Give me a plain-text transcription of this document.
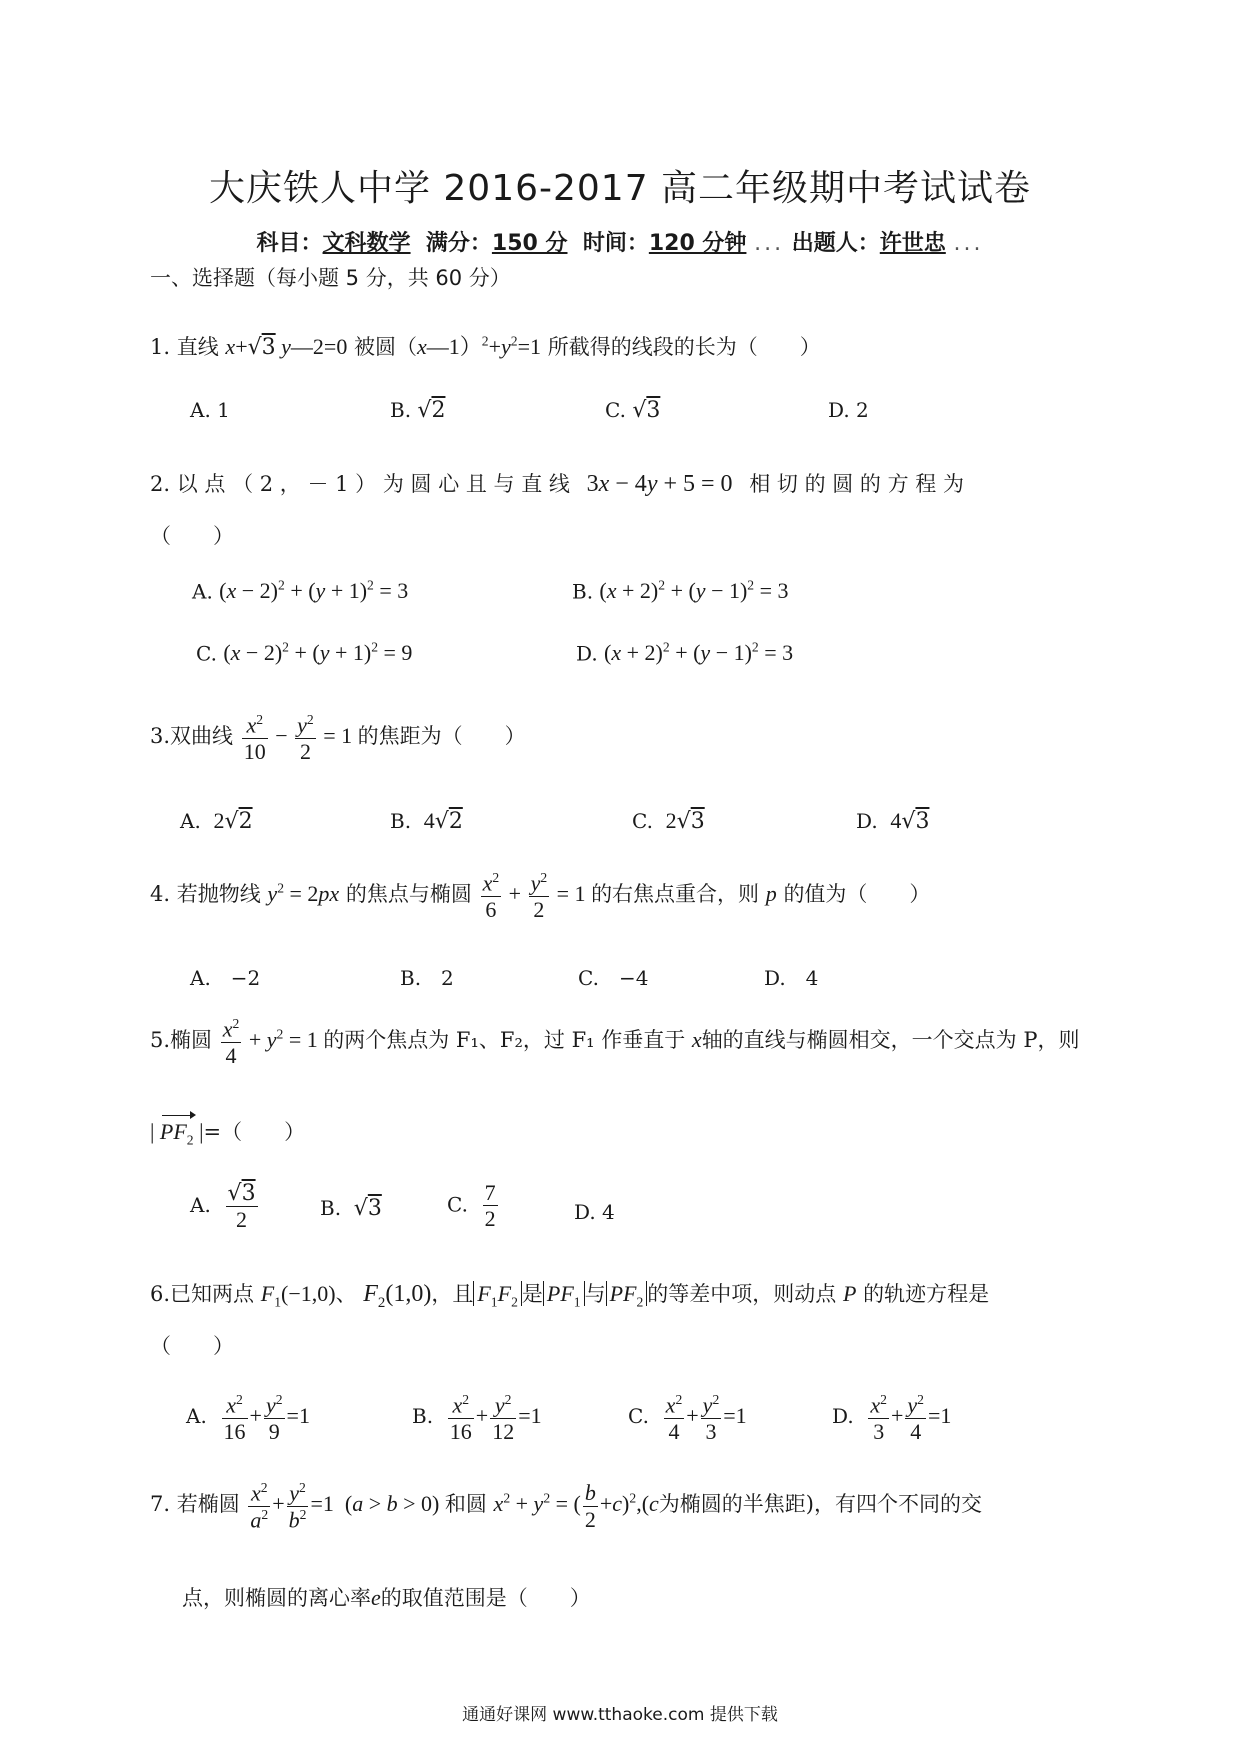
大庆铁人中学 2016-2017 高二年级期中考试试卷
科目：文科数学 满分：150 分 时间：120 分钟 ... 出题人：许世忠 ...
一、选择题（每小题 5 分，共 60 分）
1. 直线 x+√3 y—2=0 被圆$(x—1)^2+y^2=1$ 所截得的线段的长为（　　）
A. 1	B. √2	C. √3	D. 2
2. 以 点 （ 2 ， － 1 ） 为 圆 心 且 与 直 线 3x − 4y + 5 = 0 相 切 的 圆 的 方 程 为
（　　）
A. $(x - 2)^2 + (y + 1)^2 = 3$	B. $(x + 2)^2 + (y - 1)^2 = 3$
C. $(x - 2)^2 + (y + 1)^2 = 9$	D. $(x + 2)^2 + (y - 1)^2 = 3$
3.双曲线 $\frac{x^2}{10} - \frac{y^2}{2} = 1$ 的焦距为（　　）
A. 2√2	B. 4√2	C. 2√3	D. 4√3
4. 若抛物线 $y^2 = 2px$ 的焦点与椭圆 $\frac{x^2}{6} + \frac{y^2}{2} = 1$ 的右焦点重合，则 p 的值为（　　）
A.　−2	B.　2	C.　−4	D.　4
5.椭圆 $\frac{x^2}{4} + y^2 = 1$ 的两个焦点为 F₁、F₂，过 F₁ 作垂直于 x轴的直线与椭圆相交，一个交点为 P，则
| $PF_2$ |=（　　）
A. $\frac{√3}{2}$	B. √3	C. $\frac{7}{2}$	D. 4
6.已知两点 $F_1(-1,0)$、 $F_2(1,0)$，且 $F_1F_2$ 是 $PF_1$ 与 $PF_2$ 的等差中项，则动点 P 的轨迹方程是
（　　）
A. $\frac{x^2}{16} + \frac{y^2}{9} =1$	B. $\frac{x^2}{16} + \frac{y^2}{12} =1$	C. $\frac{x^2}{4} + \frac{y^2}{3} =1$	D. $\frac{x^2}{3} + \frac{y^2}{4} =1$
7. 若椭圆 $\frac{x^2}{a^2} + \frac{y^2}{b^2} =1$  (a > b > 0) 和圆 $x^2 + y^2$ = ( $\frac{b}{2} +c)^2,(c$为椭圆的半焦距)，有四个不同的交
点，则椭圆的离心率e的取值范围是（　　）
通通好课网 www.tthaoke.com 提供下载
